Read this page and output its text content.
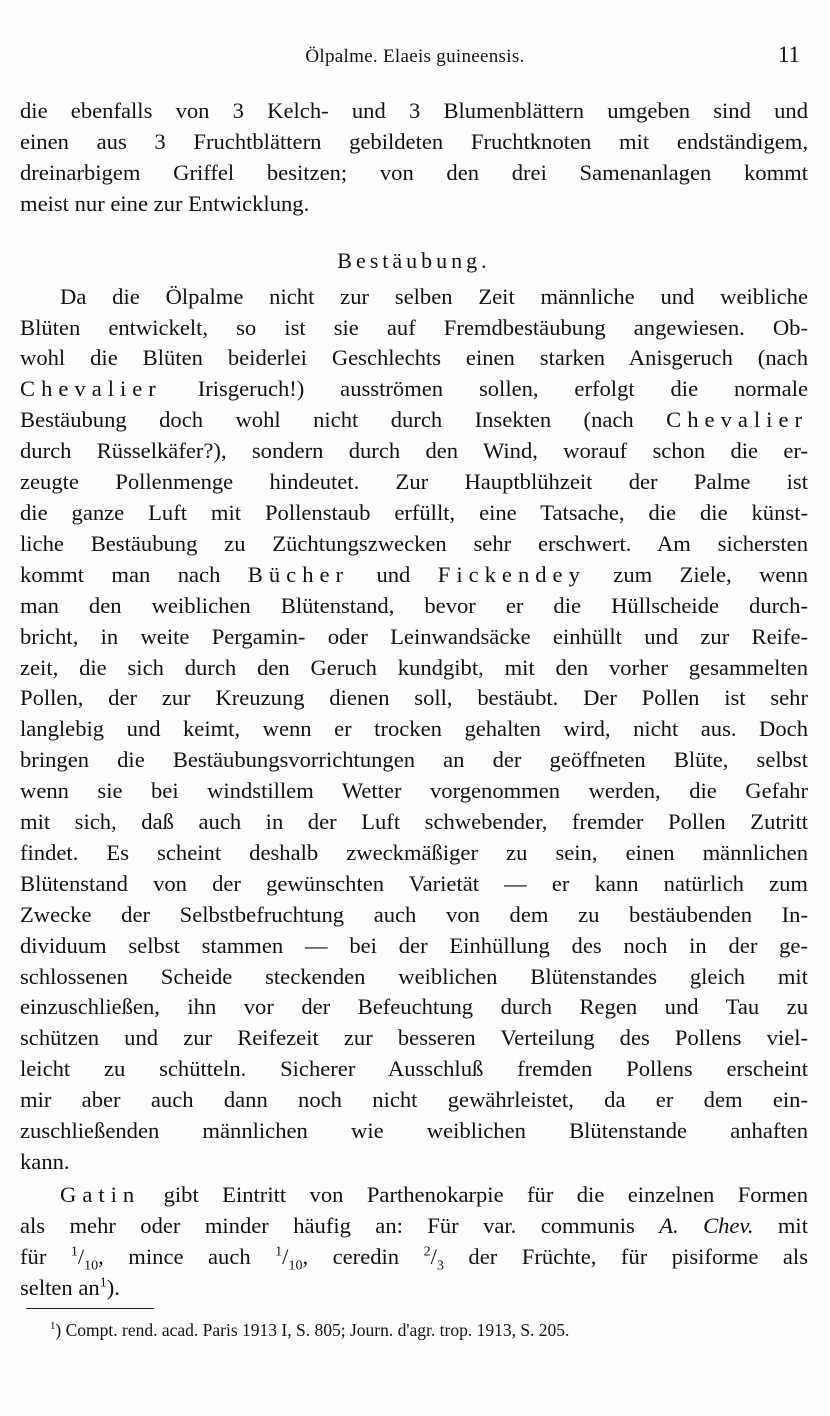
Ölpalme. Elaeis guineensis.	11

die ebenfalls von 3 Kelch- und 3 Blumenblättern umgeben sind und
einen aus 3 Fruchtblättern gebildeten Fruchtknoten mit endständigem,
dreinarbigem Griffel besitzen; von den drei Samenanlagen kommt
meist nur eine zur Entwicklung.

Bestäubung.

Da die Ölpalme nicht zur selben Zeit männliche und weibliche
Blüten entwickelt, so ist sie auf Fremdbestäubung angewiesen. Ob-
wohl die Blüten beiderlei Geschlechts einen starken Anisgeruch (nach
Chevalier Irisgeruch!) ausströmen sollen, erfolgt die normale
Bestäubung doch wohl nicht durch Insekten (nach Chevalier
durch Rüsselkäfer?), sondern durch den Wind, worauf schon die er-
zeugte Pollenmenge hindeutet. Zur Hauptblühzeit der Palme ist
die ganze Luft mit Pollenstaub erfüllt, eine Tatsache, die die künst-
liche Bestäubung zu Züchtungszwecken sehr erschwert. Am sichersten
kommt man nach Bücher und Fickendey zum Ziele, wenn
man den weiblichen Blütenstand, bevor er die Hüllscheide durch-
bricht, in weite Pergamin- oder Leinwandsäcke einhüllt und zur Reife-
zeit, die sich durch den Geruch kundgibt, mit den vorher gesammelten
Pollen, der zur Kreuzung dienen soll, bestäubt. Der Pollen ist sehr
langlebig und keimt, wenn er trocken gehalten wird, nicht aus. Doch
bringen die Bestäubungsvorrichtungen an der geöffneten Blüte, selbst
wenn sie bei windstillem Wetter vorgenommen werden, die Gefahr
mit sich, daß auch in der Luft schwebender, fremder Pollen Zutritt
findet. Es scheint deshalb zweckmäßiger zu sein, einen männlichen
Blütenstand von der gewünschten Varietät — er kann natürlich zum
Zwecke der Selbstbefruchtung auch von dem zu bestäubenden In-
dividuum selbst stammen — bei der Einhüllung des noch in der ge-
schlossenen Scheide steckenden weiblichen Blütenstandes gleich mit
einzuschließen, ihn vor der Befeuchtung durch Regen und Tau zu
schützen und zur Reifezeit zur besseren Verteilung des Pollens viel-
leicht zu schütteln. Sicherer Ausschluß fremden Pollens erscheint
mir aber auch dann noch nicht gewährleistet, da er dem ein-
zuschließenden männlichen wie weiblichen Blütenstande anhaften
kann.

Gatin gibt Eintritt von Parthenokarpie für die einzelnen Formen
als mehr oder minder häufig an: Für var. communis A. Chev. mit
für $^1/_{10}$, mince auch $^1/_{10}$, ceredin $^2/_3$ der Früchte, für pisiforme als
selten $an^1$).

$^1$) Compt. rend. acad. Paris 1913 I, S. 805; Journ. d'agr. trop. 1913, S. 205.
